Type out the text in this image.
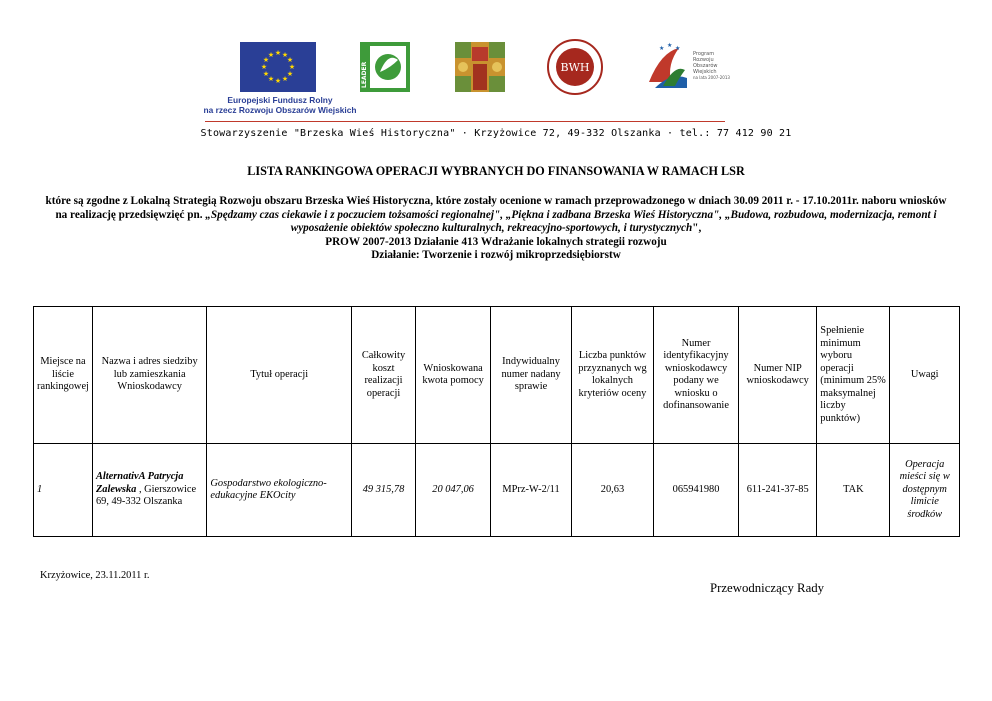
★ ★
★
★
★
★
★
★
★
★
★
★
Europejski Fundusz Rolny
na rzecz Rozwoju Obszarów Wiejskich
LEADER	BWH
★ ★ ★
Program
Rozwoju
Obszarów
Wiejskich
na lata 2007-2013
Stowarzyszenie "Brzeska Wieś Historyczna" · Krzyżowice 72, 49-332 Olszanka · tel.: 77 412 90 21
LISTA RANKINGOWA OPERACJI WYBRANYCH DO FINANSOWANIA W RAMACH LSR
które są zgodne z Lokalną Strategią Rozwoju obszaru Brzeska Wieś Historyczna, które zostały ocenione w ramach przeprowadzonego w dniach 30.09 2011 r. - 17.10.2011r. naboru wniosków na realizację przedsięwzięć pn. „Spędzamy czas ciekawie i z poczuciem tożsamości regionalnej", „Piękna i zadbana Brzeska Wieś Historyczna", „Budowa, rozbudowa, modernizacja, remont i wyposażenie obiektów społeczno kulturalnych, rekreacyjno-sportowych, i turystycznych",
PROW 2007-2013 Działanie 413 Wdrażanie lokalnych strategii rozwoju
Działanie: Tworzenie i rozwój mikroprzedsiębiorstw
Miejsce na liście rankingowej	Nazwa i adres siedziby lub zamieszkania Wnioskodawcy	Tytuł operacji	Całkowity koszt realizacji operacji	Wnioskowana kwota pomocy	Indywidualny numer nadany sprawie	Liczba punktów przyznanych wg lokalnych kryteriów oceny	Numer identyfikacyjny wnioskodawcy podany we wniosku o dofinansowanie	Numer NIP wnioskodawcy	Spełnienie minimum wyboru operacji (minimum 25% maksymalnej liczby punktów)	Uwagi
1	AlternativA Patrycja Zalewska , Gierszowice 69, 49-332 Olszanka	Gospodarstwo ekologiczno-edukacyjne EKOcity	49 315,78	20 047,06	MPrz-W-2/11	20,63	065941980	611-241-37-85	TAK	Operacja mieści się w dostępnym limicie środków
Krzyżowice, 23.11.2011 r.
Przewodniczący Rady
